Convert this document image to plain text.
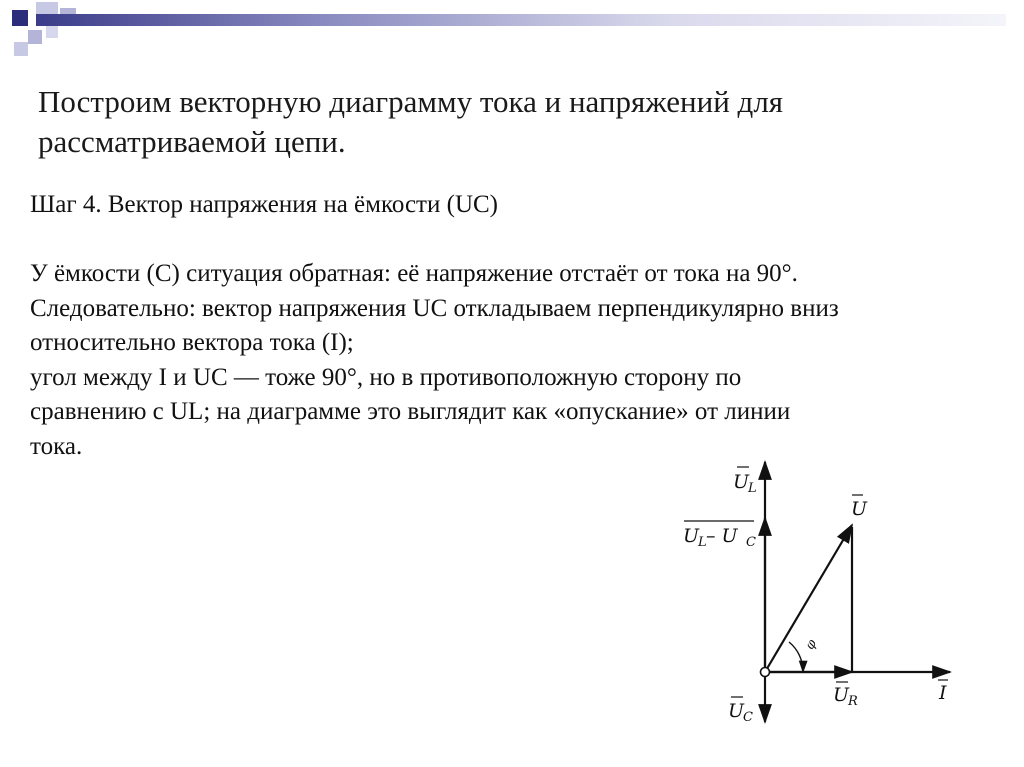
Построим векторную диаграмму тока и напряжений для
рассматриваемой цепи.
Шаг 4. Вектор напряжения на ёмкости (UC)
У ёмкости (C) ситуация обратная: её напряжение отстаёт от тока на 90°.
Следовательно: вектор напряжения UC откладываем перпендикулярно вниз
относительно вектора тока (I);
угол между I и UC — тоже 90°, но в противоположную сторону по
сравнению с UL; на диаграмме это выглядит как «опускание» от линии
тока.
φ
U
L
U
L – U C
U
U
R	I
U
C
